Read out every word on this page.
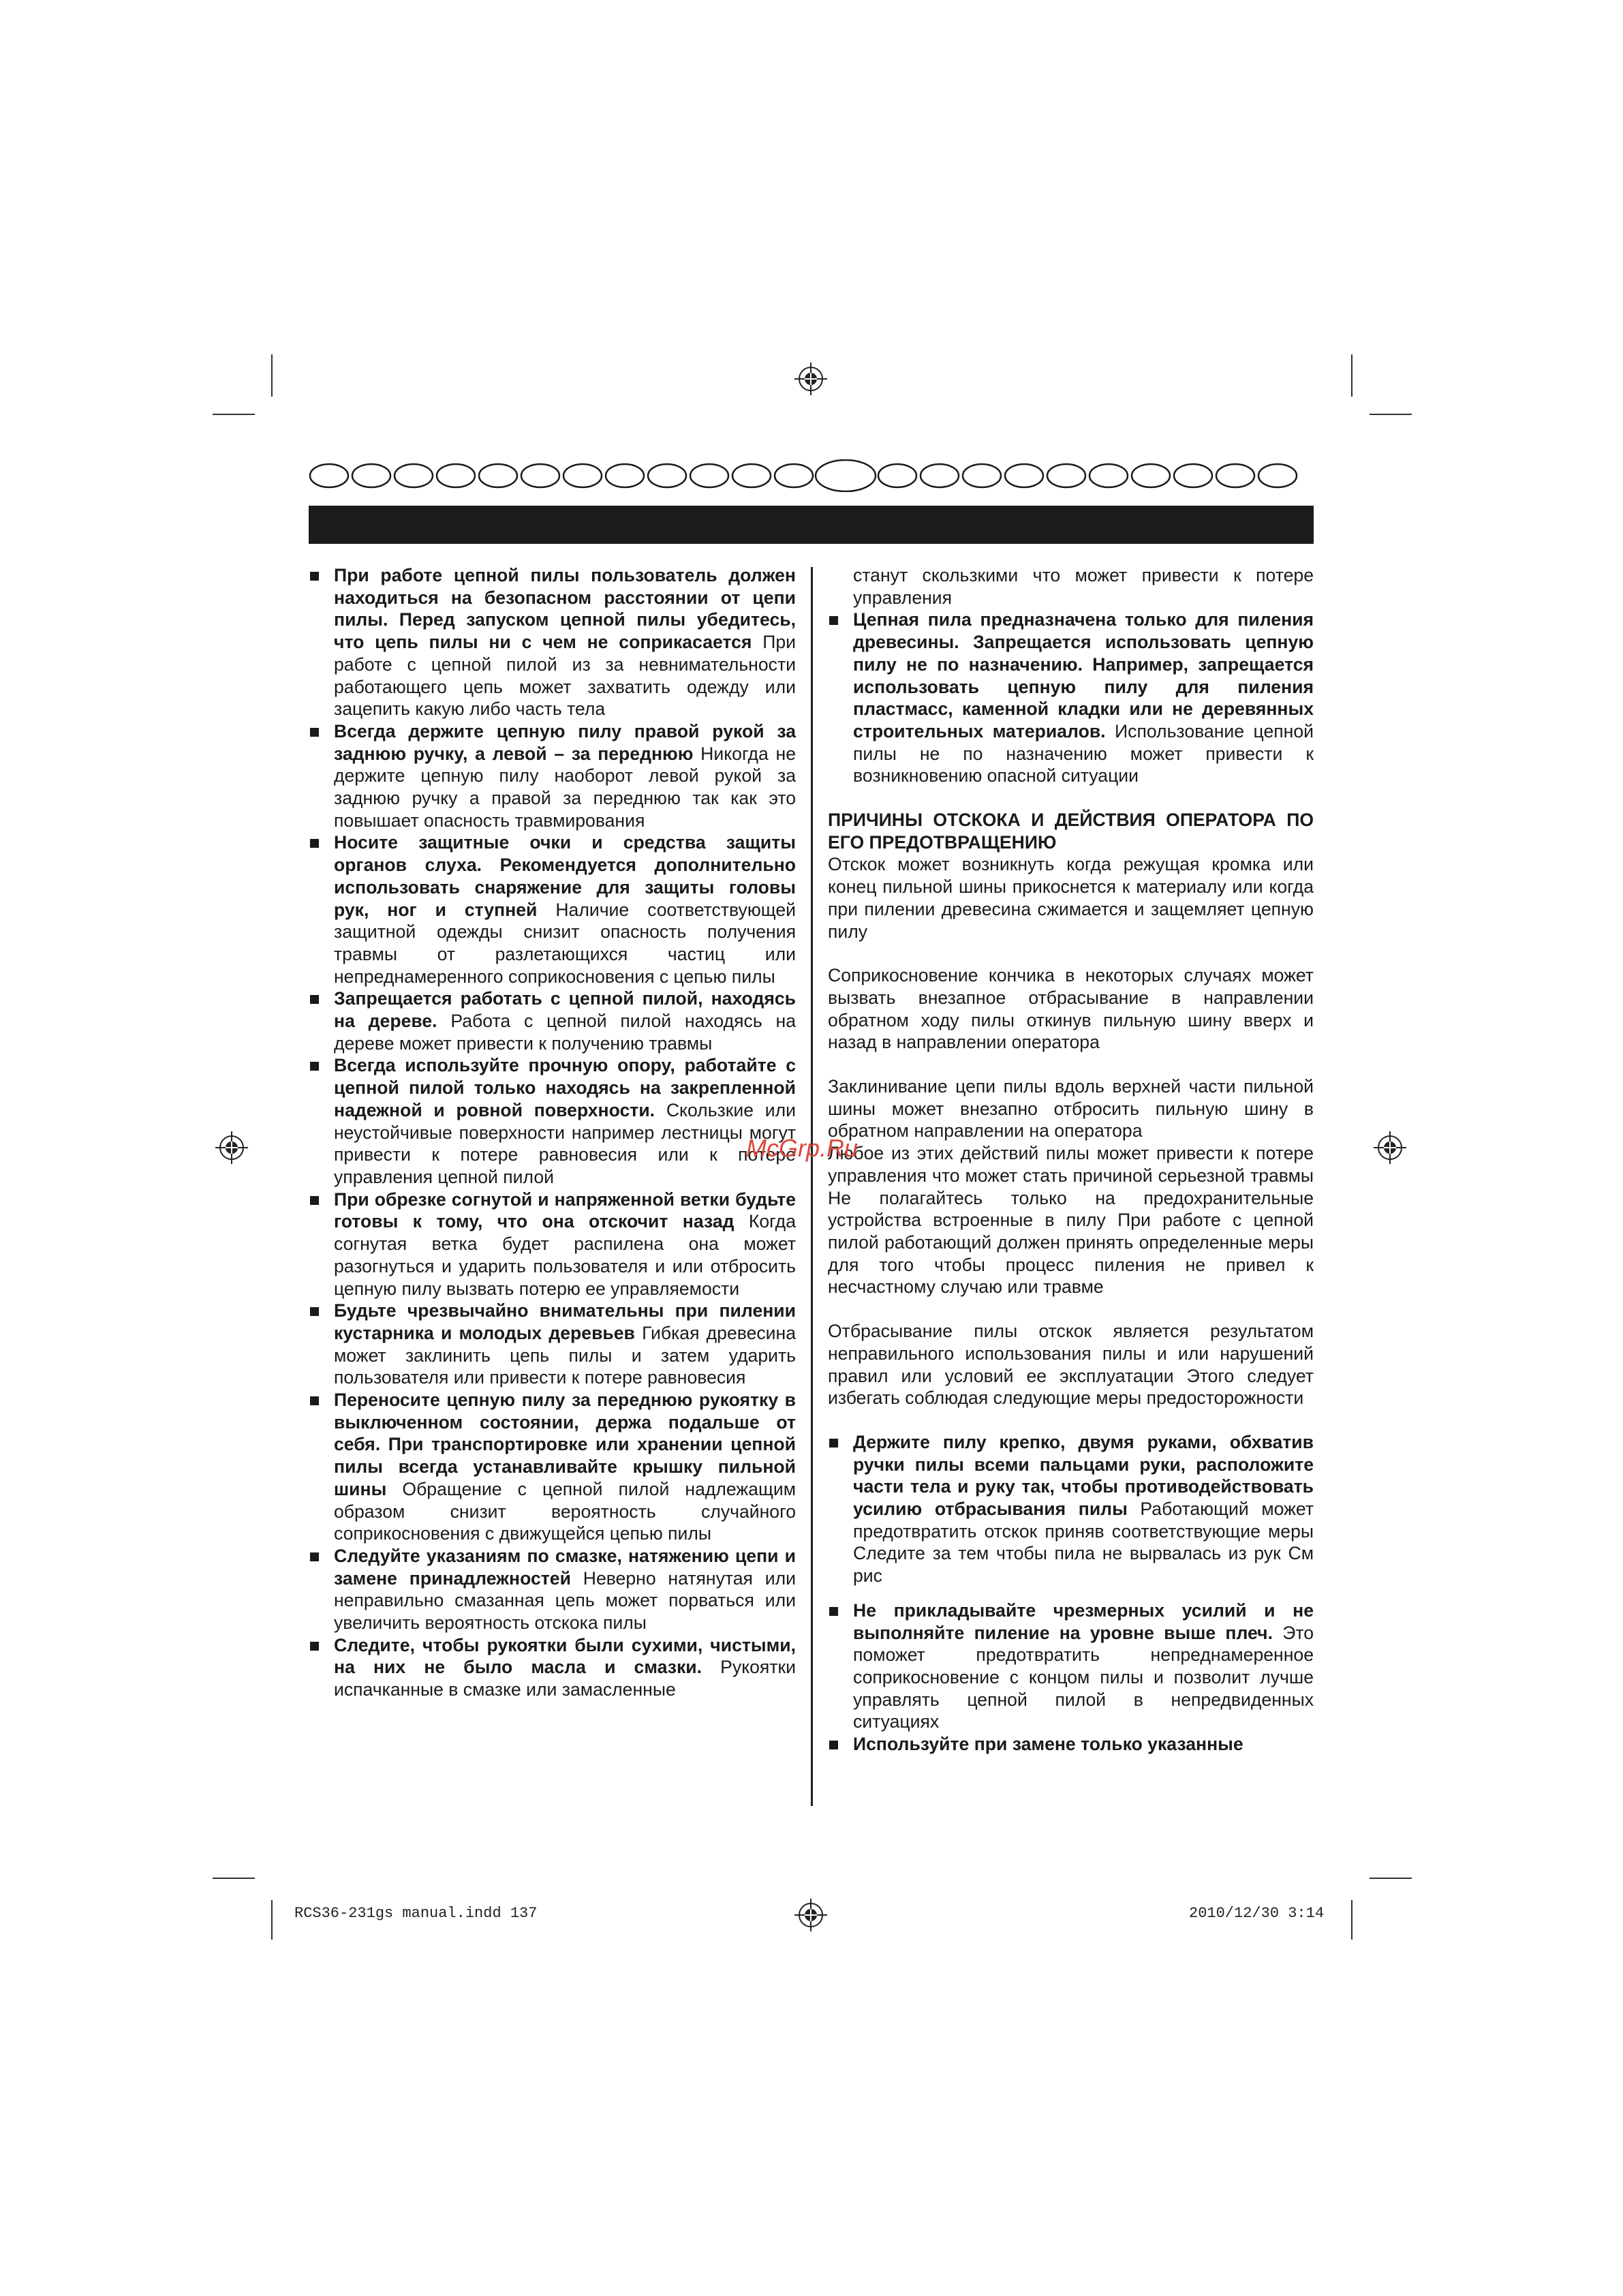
При работе цепной пилы пользователь должен находиться на безопасном расстоянии от цепи пилы. Перед запуском цепной пилы убедитесь, что цепь пилы ни с чем не соприкасается При работе с цепной пилой из за невнимательности работающего цепь может захватить одежду или зацепить какую либо часть тела

Всегда держите цепную пилу правой рукой за заднюю ручку, а левой – за переднюю Никогда не держите цепную пилу наоборот левой рукой за заднюю ручку а правой за переднюю так как это повышает опасность травмирования

Носите защитные очки и средства защиты органов слуха. Рекомендуется дополнительно использовать снаряжение для защиты головы рук, ног и ступней Наличие соответствующей защитной одежды снизит опасность получения травмы от разлетающихся частиц или непреднамеренного соприкосновения с цепью пилы

Запрещается работать с цепной пилой, находясь на дереве. Работа с цепной пилой находясь на дереве может привести к получению травмы

Всегда используйте прочную опору, работайте с цепной пилой только находясь на закрепленной надежной и ровной поверхности. Скользкие или неустойчивые поверхности например лестницы могут привести к потере равновесия или к потере управления цепной пилой

При обрезке согнутой и напряженной ветки будьте готовы к тому, что она отскочит назад Когда согнутая ветка будет распилена она может разогнуться и ударить пользователя и или отбросить цепную пилу вызвать потерю ее управляемости

Будьте чрезвычайно внимательны при пилении кустарника и молодых деревьев Гибкая древесина может заклинить цепь пилы и затем ударить пользователя или привести к потере равновесия

Переносите цепную пилу за переднюю рукоятку в выключенном состоянии, держа подальше от себя. При транспортировке или хранении цепной пилы всегда устанавливайте крышку пильной шины Обращение с цепной пилой надлежащим образом снизит вероятность случайного соприкосновения с движущейся цепью пилы

Следуйте указаниям по смазке, натяжению цепи и замене принадлежностей Неверно натянутая или неправильно смазанная цепь может порваться или увеличить вероятность отскока пилы

Следите, чтобы рукоятки были сухими, чистыми, на них не было масла и смазки. Рукоятки испачканные в смазке или замасленные

станут скользкими что может привести к потере управления

Цепная пила предназначена только для пиления древесины. Запрещается использовать цепную пилу не по назначению. Например, запрещается использовать цепную пилу для пиления пластмасс, каменной кладки или не деревянных строительных материалов. Использование цепной пилы не по назначению может привести к возникновению опасной ситуации

ПРИЧИНЫ ОТСКОКА И ДЕЙСТВИЯ ОПЕРАТОРА ПО ЕГО ПРЕДОТВРАЩЕНИЮ

Отскок может возникнуть когда режущая кромка или конец пильной шины прикоснется к материалу или когда при пилении древесина сжимается и защемляет цепную пилу

Соприкосновение кончика в некоторых случаях может вызвать внезапное отбрасывание в направлении обратном ходу пилы откинув пильную шину вверх и назад в направлении оператора

Заклинивание цепи пилы вдоль верхней части пильной шины может внезапно отбросить пильную шину в обратном направлении на оператора

Любое из этих действий пилы может привести к потере управления что может стать причиной серьезной травмы Не полагайтесь только на предохранительные устройства встроенные в пилу При работе с цепной пилой работающий должен принять определенные меры для того чтобы процесс пиления не привел к несчастному случаю или травме

Отбрасывание пилы отскок является результатом неправильного использования пилы и или нарушений правил или условий ее эксплуатации Этого следует избегать соблюдая следующие меры предосторожности

Держите пилу крепко, двумя руками, обхватив ручки пилы всеми пальцами руки, расположите части тела и руку так, чтобы противодействовать усилию отбрасывания пилы Работающий может предотвратить отскок приняв соответствующие меры Следите за тем чтобы пила не вырвалась из рук См рис

Не прикладывайте чрезмерных усилий и не выполняйте пиление на уровне выше плеч. Это поможет предотвратить непреднамеренное соприкосновение с концом пилы и позволит лучше управлять цепной пилой в непредвиденных ситуациях

Используйте при замене только указанные

McGrp.Ru
RCS36-231gs manual.indd 137	2010/12/30 3:14
